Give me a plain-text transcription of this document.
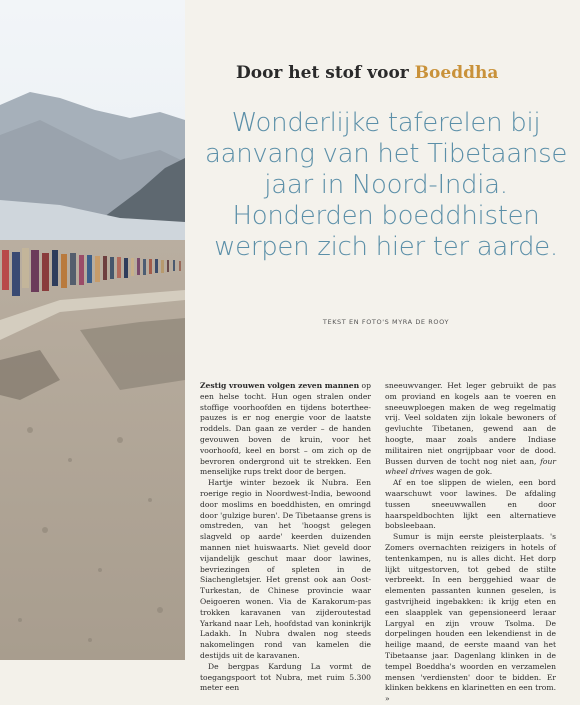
Door het stof voor Boeddha
Wonderlijke taferelen bij
aanvang van het Tibetaanse
jaar in Noord-India.
Honderden boeddhisten
werpen zich hier ter aarde.
TEKST EN FOTO'S MYRA DE ROOY

Zestig vrouwen volgen zeven mannen op een helse tocht. Hun ogen stralen onder stoffige voorhoofden en tijdens botertheepauzes is er nog energie voor de laatste roddels. Dan gaan ze verder – de handen gevouwen boven de kruin, voor het voorhoofd, keel en borst – om zich op de bevroren ondergrond uit te strekken. Een menselijke rups trekt door de bergen.

Hartje winter bezoek ik Nubra. Een roerige regio in Noordwest-India, bewoond door moslims en boeddhisten, en omringd door 'gulzige buren'. De Tibetaanse grens is omstreden, van het 'hoogst gelegen slagveld op aarde' keerden duizenden mannen niet huiswaarts. Niet geveld door vijandelijk geschut maar door lawines, bevriezingen of spleten in de Siachengletsjer. Het grenst ook aan Oost-Turkestan, de Chinese provincie waar Oeigoeren wonen. Via de Karakorum-pas trokken karavanen van zijderoutestad Yarkand naar Leh, hoofdstad van koninkrijk Ladakh. In Nubra dwalen nog steeds nakomelingen rond van kamelen die destijds uit de karavanen.

De bergpas Kardung La vormt de toegangspoort tot Nubra, met ruim 5.300 meter een

sneeuwvanger. Het leger gebruikt de pas om proviand en kogels aan te voeren en sneeuwploegen maken de weg regelmatig vrij. Veel soldaten zijn lokale bewoners of gevluchte Tibetanen, gewend aan de hoogte, maar zoals andere Indiase militairen niet ongrijpbaar voor de dood. Bussen durven de tocht nog niet aan, four wheel drives wagen de gok.

Af en toe slippen de wielen, een bord waarschuwt voor lawines. De afdaling tussen sneeuwwallen en door haarspeldbochten lijkt een alternatieve bobsleebaan.

Sumur is mijn eerste pleisterplaats. 's Zomers overnachten reizigers in hotels of tentenkampen, nu is alles dicht. Het dorp lijkt uitgestorven, tot gebed de stilte verbreekt. In een berggehied waar de elementen passanten kunnen geselen, is gastvrijheid ingebakken: ik krijg eten en een slaapplek van gepensioneerd leraar Largyal en zijn vrouw Tsolma. De dorpelingen houden een lekendienst in de heilige maand, de eerste maand van het Tibetaanse jaar. Dagenlang klinken in de tempel Boeddha's woorden en verzamelen mensen 'verdiensten' door te bidden. Er klinken bekkens en klarinetten en een trom. »
